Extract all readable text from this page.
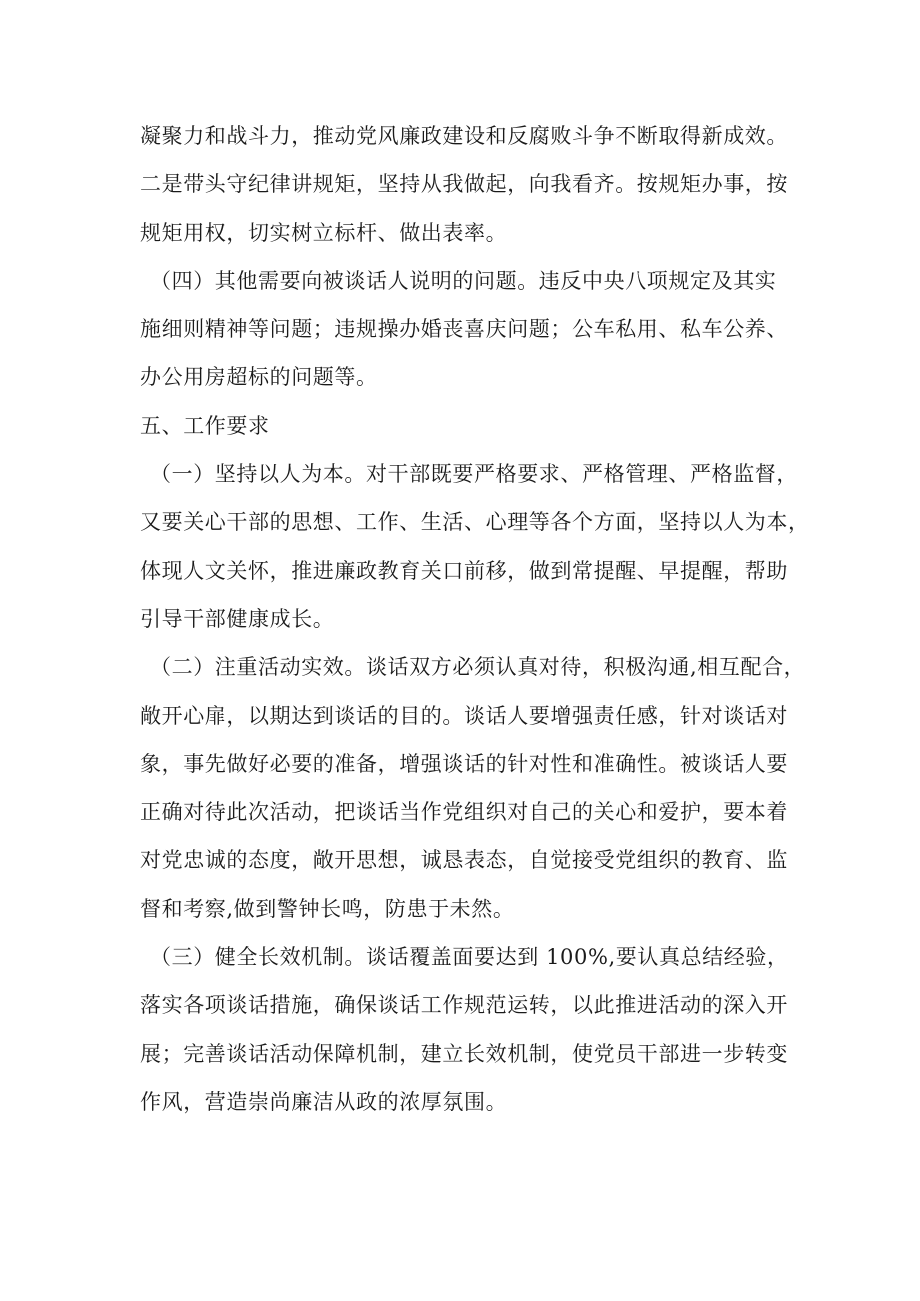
凝聚力和战斗力，推动党风廉政建设和反腐败斗争不断取得新成效。
二是带头守纪律讲规矩，坚持从我做起，向我看齐。按规矩办事，按
规矩用权，切实树立标杆、做出表率。
（四）其他需要向被谈话人说明的问题。违反中央八项规定及其实
施细则精神等问题；违规操办婚丧喜庆问题；公车私用、私车公养、
办公用房超标的问题等。
五、工作要求
（一）坚持以人为本。对干部既要严格要求、严格管理、严格监督，
又要关心干部的思想、工作、生活、心理等各个方面，坚持以人为本，
体现人文关怀，推进廉政教育关口前移，做到常提醒、早提醒，帮助
引导干部健康成长。
（二）注重活动实效。谈话双方必须认真对待，积极沟通,相互配合，
敞开心扉，以期达到谈话的目的。谈话人要增强责任感，针对谈话对
象，事先做好必要的准备，增强谈话的针对性和准确性。被谈话人要
正确对待此次活动，把谈话当作党组织对自己的关心和爱护，要本着
对党忠诚的态度，敞开思想，诚恳表态，自觉接受党组织的教育、监
督和考察,做到警钟长鸣，防患于未然。
（三）健全长效机制。谈话覆盖面要达到 100%,要认真总结经验，
落实各项谈话措施，确保谈话工作规范运转，以此推进活动的深入开
展；完善谈话活动保障机制，建立长效机制，使党员干部进一步转变
作风，营造崇尚廉洁从政的浓厚氛围。
